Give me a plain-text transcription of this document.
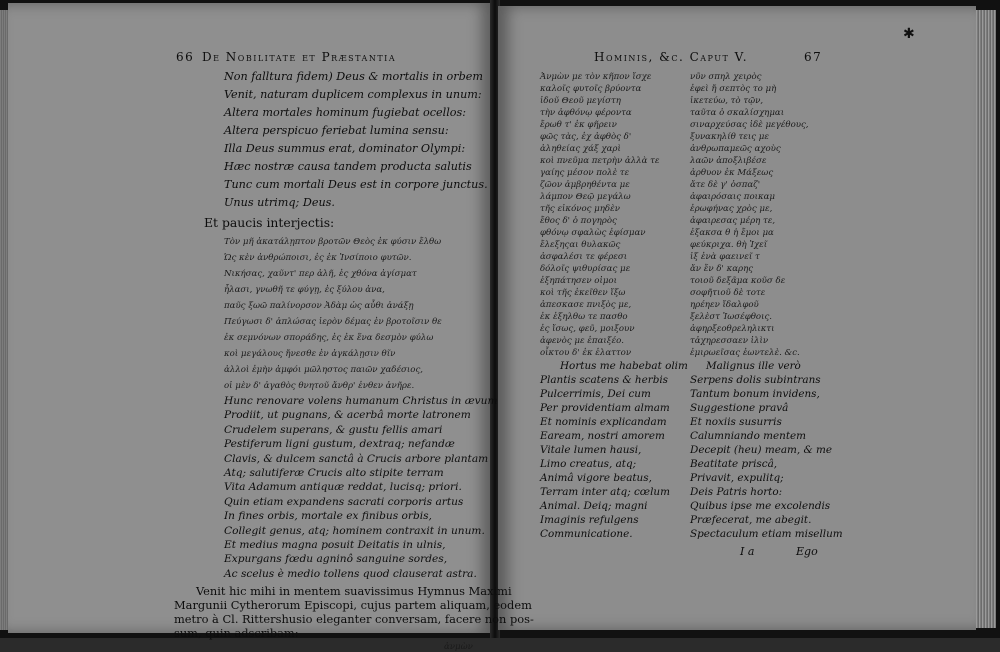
66 De Nobilitate et Præstantia
Non falltura fidem) Deus & mortalis in orbem
Venit, naturam duplicem complexus in unum:
Altera mortales hominum fugiebat ocellos:
Altera perspicuo feriebat lumina sensu:
Illa Deus summus erat, dominator Olympi:
Hæc nostræ causa tandem producta salutis
Tunc cum mortali Deus est in corpore junctus.
Unus utrimq; Deus.
Et paucis interjectis:
Τὸν μῆ ἀκατάλῃπτον βροτῶν Θεὸς ἐκ φύσιν ἔλθω
Ὡς κὲν ἀνθρώποισι, ἐς ἐκ Ἰνσίποιο φυτῶν.
Νικήσας, χαῦντ' περ ἀλῆ, ἐς χθόνα ἀγίσματ
ἦλασι, γνωθῆ τε φύγῃ, ἐς ξύλου ἀνα,
παῦς ξωῶ παλίνορσον Ἀδὰμ ὡς αὖθι ἀνάξῃ
Πεύγωσι δ' ἀπλώσας ἱερὸν δέμας ἐν βροτοῖσιν θε
ἐκ σεμνόνων σποράδης, ἐς ἐκ ἕνα δεσμὸν φύλω
κοὶ μεγάλους ἤνεσθε ἐν ἀγκάλῃσιν θῖν
ἀλλοὶ ἐμὴν ἀμφόι μῶληστος παιῶν χαδέσιος,
οἱ μὲν δ' ἀγαθὸς θνητοῦ ἄνθρ' ἐνθεν ἀνῆρε.
Hunc renovare volens humanum Christus in ævum
Prodiit, ut pugnans, & acerbâ morte latronem
Crudelem superans, & gustu fellis amari
Pestiferum ligni gustum, dextraq; nefandæ
Clavis, & dulcem sanctâ à Crucis arbore plantam
Atq; salutiferæ Crucis alto stipite terram
Vita Adamum antiquæ reddat, lucisq; priori.
Quin etiam expandens sacrati corporis artus
In fines orbis, mortale ex finibus orbis,
Collegit genus, atq; hominem contraxit in unum.
Et medius magna posuit Deitatis in ulnis,
Expurgans fœdu agninô sanguine sordes,
Ac scelus è medio tollens quod clauserat astra.
Hominis, &c. Caput V.	67
Ἀνμὼν με τὸν κῆπον ἴσχε
καλοῖς φυτοῖς βρύοντα
ἰδοῦ Θεοῦ μεγίστη
τὴν ἀφθόνῳ φέροντα
ἔρωθ τ' ἐκ φῆρειν
φῶς τὰς, ἐχ ἀφθὸς δ'
ἀληθείας χάξ χαρὶ
κοὶ πνεῦμα πετρὴν ἀλλὰ τε
γαίης μέσον πολὲ τε
ζῶον ἀμβρηθέντα με
λάμπον Θεῷ μεγάλω
τῆς εἰκόνος μηδὲν
ἔθος δ' ὁ πογηρὸς
φθόνῳ σφαλὼς ἐφίσμαν
ἔλεξηςαι θυλακῶς
ἀσφαλέσι τε φέρεσι
δόλοῖς ψιθυρίσας με
ἐξηπάτησεν οἰμοι
κοὶ τῆς ἐκεῖθεν ἴξω
ἀπεσκασε πνιξὸς με,
ἐκ ἑξηλθω τε πασθο
ἐς ἴσως, φεῦ, μοιξουν
ἀφενὸς με ἐπαιξέο.
οἶκτου δ' ἐκ ἑλαττον
νῦν σπηλ χειρὸς
ἐφεὶ ἤ σεπτὸς το μὴ
ἰκετεύω, τὸ τῷν,
ταῦτα ὁ σκαλίσχημαι
σιναρχεύσας ἰδὲ μεγέθους,
ξυνακηλίθ τεις με
ἀνθρωπαμεῶς αχοὺς
λαῶν ἀποξλιβέσε
ἀρθυον ἐκ Μάξεως
ἄτε δὲ γ' ὁσπαζ'
ἀφαιρόσαις ποικαμ
ἐρωφήνας χρὸς με,
ἀφαιρεσας μέρη τε,
ἐξακσα θ ἡ ἔμοι μα
φεύκριχα. θὴ Ἰχεῖ
ἰξ ἐνὰ φαεινεῖ τ
ἄν ἔν δ' καρης
τοιοῦ δεξᾶμα κοῦσ δε
σοφῆτιοῦ δὲ τοτε
ηρέηεν ἴδαλφοῦ
ξελὲστ Ἰωσέφθοις.
ἀφηρξεοθρεληλικτι
τἀχηρεσσαεν ἰλὶν
ἐμιρωεῖσας ἐωντελὲ. &c.
Hortus me habebat olim
Plantis scatens & herbis
Pulcerrimis, Dei cum
Per providentiam almam
Et nominis explicandam
Eaream, nostri amorem
Vitale lumen hausi,
Limo creatus, atq;
Animâ vigore beatus,
Terram inter atq; cœlum
Animal. Deiq; magni
Imaginis refulgens
Communicatione.
Malignus ille verò
Serpens dolis subintrans
Tantum bonum invidens,
Suggestione pravâ
Et noxiis susurris
Calumniando mentem
Decepit (heu) meam, & me
Beatitate priscâ,
Privavit, expulitq;
Deis Patris horto:
Quibus ipse me excolendis
Præfecerat, me abegit.
Spectaculum etiam misellum
I a	Ego
✱
Venit hic mihi in mentem suavissimus Hymnus Maximi
Margunii Cytherorum Episcopi, cujus partem aliquam, eodem
metro à Cl. Rittershusio eleganter conversam, facere non pos-
sum, quin adscribam:
ἀνμὼν
